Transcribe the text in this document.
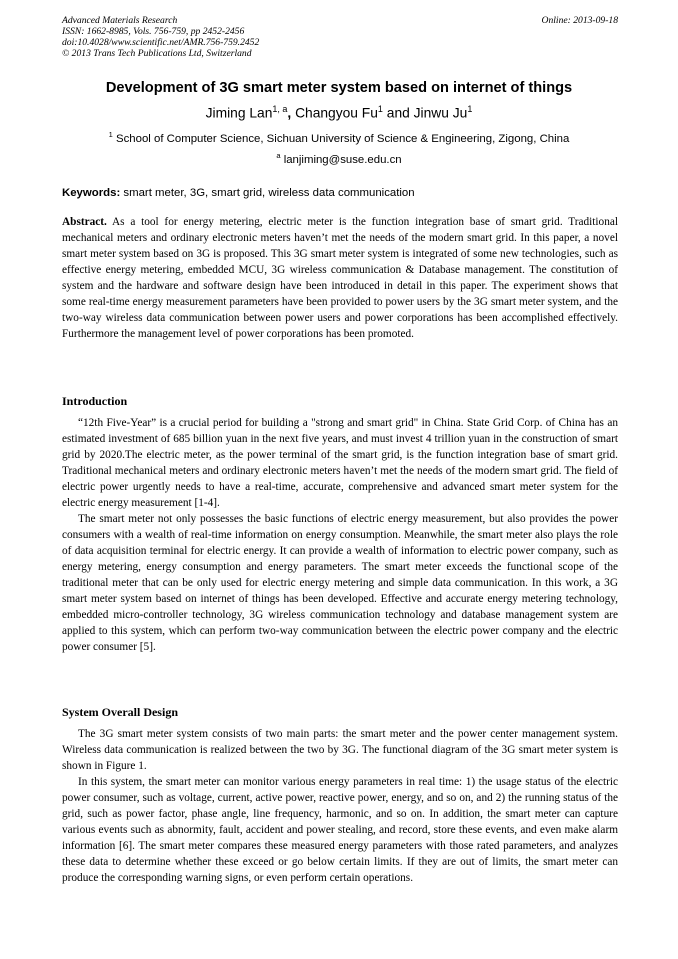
Advanced Materials Research
ISSN: 1662-8985, Vols. 756-759, pp 2452-2456
doi:10.4028/www.scientific.net/AMR.756-759.2452
© 2013 Trans Tech Publications Ltd, Switzerland
Online: 2013-09-18
Development of 3G smart meter system based on internet of things
Jiming Lan$^{1, a}$, Changyou Fu$^1$ and Jinwu Ju$^1$
$^1$ School of Computer Science, Sichuan University of Science & Engineering, Zigong, China
$^a$ lanjiming@suse.edu.cn
Keywords: smart meter, 3G, smart grid, wireless data communication
Abstract. As a tool for energy metering, electric meter is the function integration base of smart grid. Traditional mechanical meters and ordinary electronic meters haven’t met the needs of the modern smart grid. In this paper, a novel smart meter system based on 3G is proposed. This 3G smart meter system is integrated of some new technologies, such as effective energy metering, embedded MCU, 3G wireless communication & Database management. The constitution of system and the hardware and software design have been introduced in detail in this paper. The experiment shows that some real-time energy measurement parameters have been provided to power users by the 3G smart meter system, and the two-way wireless data communication between power users and power corporations has been accomplished effectively. Furthermore the management level of power corporations has been promoted.
Introduction

“12th Five-Year” is a crucial period for building a "strong and smart grid" in China. State Grid Corp. of China has an estimated investment of 685 billion yuan in the next five years, and must invest 4 trillion yuan in the construction of smart grid by 2020.The electric meter, as the power terminal of the smart grid, is the function integration base of smart grid. Traditional mechanical meters and ordinary electronic meters haven’t met the needs of the modern smart grid. The field of electric power urgently needs to have a real-time, accurate, comprehensive and advanced smart meter system for the electric energy measurement [1-4].

The smart meter not only possesses the basic functions of electric energy measurement, but also provides the power consumers with a wealth of real-time information on energy consumption. Meanwhile, the smart meter also plays the role of data acquisition terminal for electric energy. It can provide a wealth of information to electric power company, such as energy metering, energy consumption and energy parameters. The smart meter exceeds the functional scope of the traditional meter that can be only used for electric energy metering and simple data communication. In this work, a 3G smart meter system based on internet of things has been developed. Effective and accurate energy metering technology, embedded micro-controller technology, 3G wireless communication technology and database management system are applied to this system, which can perform two-way communication between the electric power company and the electric power consumer [5].

System Overall Design

The 3G smart meter system consists of two main parts: the smart meter and the power center management system. Wireless data communication is realized between the two by 3G. The functional diagram of the 3G smart meter system is shown in Figure 1.

In this system, the smart meter can monitor various energy parameters in real time: 1) the usage status of the electric power consumer, such as voltage, current, active power, reactive power, energy, and so on, and 2) the running status of the grid, such as power factor, phase angle, line frequency, harmonic, and so on. In addition, the smart meter can capture various events such as abnormity, fault, accident and power stealing, and record, store these events, and even make alarm information [6]. The smart meter compares these measured energy parameters with those rated parameters, and analyzes these data to determine whether these exceed or go below certain limits. If they are out of limits, the smart meter can produce the corresponding warning signs, or even perform certain operations.
